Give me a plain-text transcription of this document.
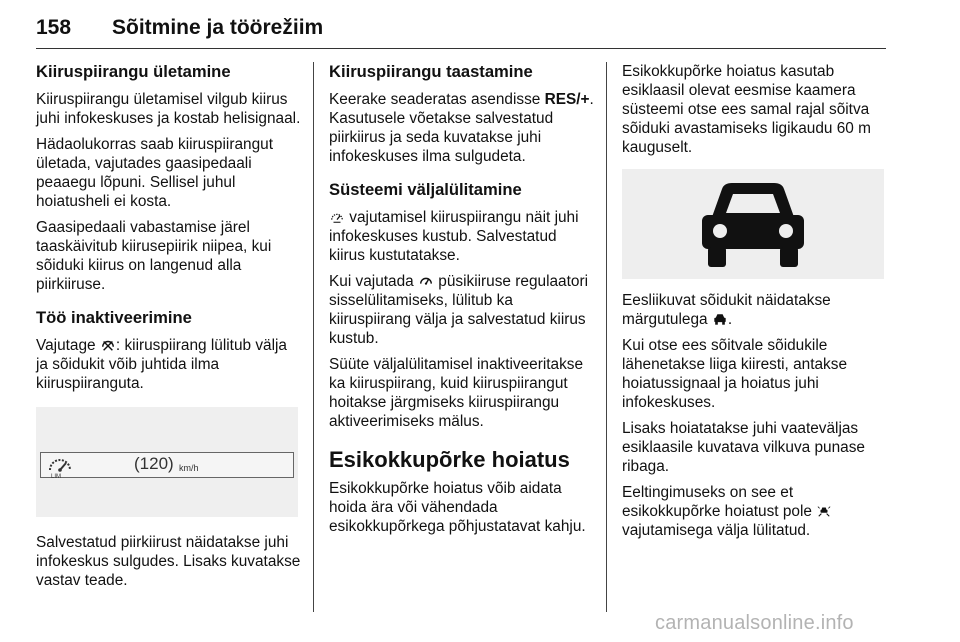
158 Sõitmine ja töörežiim
Kiiruspiirangu ületamine

Kiiruspiirangu ületamisel vilgub kiirus juhi infokeskuses ja kostab helisignaal.

Hädaolukorras saab kiiruspiirangut ületada, vajutades gaasipedaali peaaegu lõpuni. Sellisel juhul hoiatusheli ei kosta.

Gaasipedaali vabastamise järel taaskäivitub kiirusepiirik niipea, kui sõiduki kiirus on langenud alla piirkiiruse.

Töö inaktiveerimine

Vajutage : kiiruspiirang lülitub välja ja sõidukit võib juhtida ilma kiiruspiiranguta.

LIM
(120) km/h

Salvestatud piirkiirust näidatakse juhi infokeskus sulgudes. Lisaks kuvatakse vastav teade.

Kiiruspiirangu taastamine

Keerake seaderatas asendisse RES/+. Kasutusele võetakse salvestatud piirkiirus ja seda kuvatakse juhi infokeskuses ilma sulgudeta.

Süsteemi väljalülitamine

vajutamisel kiiruspiirangu näit juhi infokeskuses kustub. Salvestatud kiirus kustutatakse.

Kui vajutada püsikiiruse regulaatori sisselülitamiseks, lülitub ka kiiruspiirang välja ja salvestatud kiirus kustub.

Süüte väljalülitamisel inaktiveeritakse ka kiiruspiirang, kuid kiiruspiirangut hoitakse järgmiseks kiiruspiirangu aktiveerimiseks mälus.

Esikokkupõrke hoiatus

Esikokkupõrke hoiatus võib aidata hoida ära või vähendada esikokkupõrkega põhjustatavat kahju.

Esikokkupõrke hoiatus kasutab esiklaasil olevat eesmise kaamera süsteemi otse ees samal rajal sõitva sõiduki avastamiseks ligikaudu 60 m kauguselt.

Eesliikuvat sõidukit näidatakse märgutulega .

Kui otse ees sõitvale sõidukile lähenetakse liiga kiiresti, antakse hoiatussignaal ja hoiatus juhi infokeskuses.

Lisaks hoiatatakse juhi vaateväljas esiklaasile kuvatava vilkuva punase ribaga.

Eeltingimuseks on see et esikokkupõrke hoiatust pole  vajutamisega välja lülitatud.

carmanualsonline.info
